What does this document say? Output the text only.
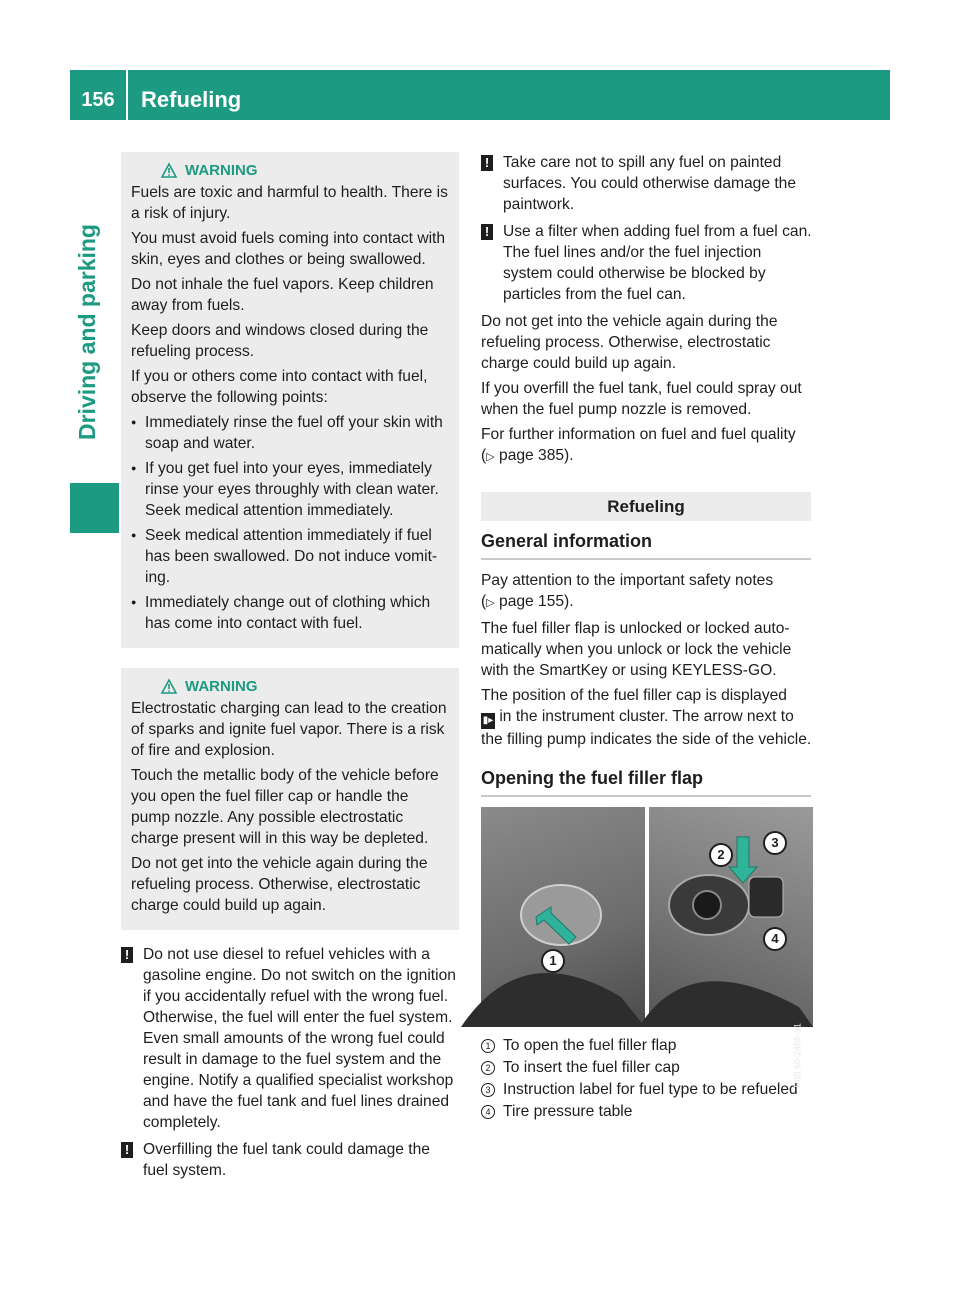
156	Refueling
Driving and parking
WARNING

Fuels are toxic and harmful to health. There is a risk of injury.

You must avoid fuels coming into contact with skin, eyes and clothes or being swallowed.

Do not inhale the fuel vapors. Keep children away from fuels.

Keep doors and windows closed during the refueling process.

If you or others come into contact with fuel, observe the following points:

● Immediately rinse the fuel off your skin with soap and water.
● If you get fuel into your eyes, immediately rinse your eyes throughly with clean water. Seek medical attention immediately.
● Seek medical attention immediately if fuel has been swallowed. Do not induce vomiting.
● Immediately change out of clothing which has come into contact with fuel.
WARNING

Electrostatic charging can lead to the creation of sparks and ignite fuel vapor. There is a risk of fire and explosion.

Touch the metallic body of the vehicle before you open the fuel filler cap or handle the pump nozzle. Any possible electrostatic charge present will in this way be depleted.

Do not get into the vehicle again during the refueling process. Otherwise, electrostatic charge could build up again.

! Do not use diesel to refuel vehicles with a gasoline engine. Do not switch on the ignition if you accidentally refuel with the wrong fuel. Otherwise, the fuel will enter the fuel system. Even small amounts of the wrong fuel could result in damage to the fuel system and the engine. Notify a qualified specialist workshop and have the fuel tank and fuel lines drained completely.
! Overfilling the fuel tank could damage the fuel system.
! Take care not to spill any fuel on painted surfaces. You could otherwise damage the paintwork.
! Use a filter when adding fuel from a fuel can. The fuel lines and/or the fuel injection system could otherwise be blocked by particles from the fuel can.

Do not get into the vehicle again during the refueling process. Otherwise, electrostatic charge could build up again.

If you overfill the fuel tank, fuel could spray out when the fuel pump nozzle is removed.

For further information on fuel and fuel quality
(▷ page 385).

Refueling
General information

Pay attention to the important safety notes
(▷ page 155).

The fuel filler flap is unlocked or locked automatically when you unlock or lock the vehicle with the SmartKey or using KEYLESS-GO.

The position of the fuel filler cap is displayed
▮▸ in the instrument cluster. The arrow next to the filling pump indicates the side of the vehicle.

Opening the fuel filler flap
1
2
3
4
P88.60-2485-31
1 To open the fuel filler flap
2 To insert the fuel filler cap
3 Instruction label for fuel type to be refueled
4 Tire pressure table
